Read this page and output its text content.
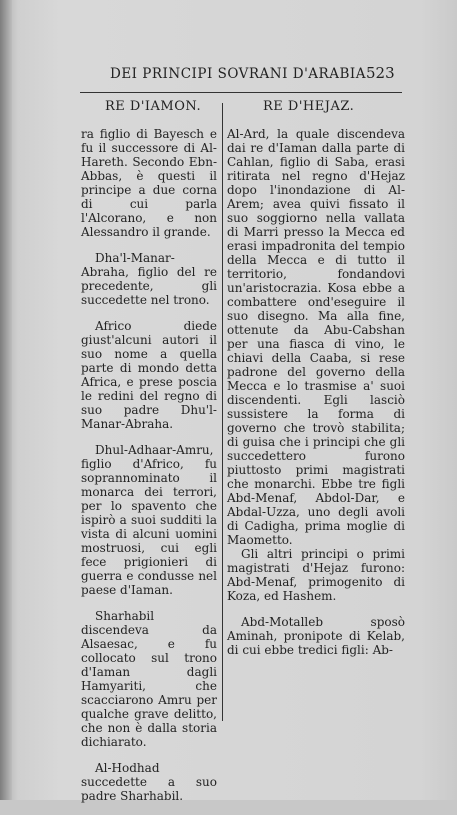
DEI PRINCIPI SOVRANI D'ARABIA 523
RE D'IAMON.	RE D'HEJAZ.

ra figlio di Bayesch e fu il successore di Al-Hareth. Secondo Ebn-Abbas, è questi il principe a due corna di cui parla l'Alcorano, e non Alessandro il grande.

Dha'l-Manar-Abraha, figlio del re precedente, gli succedette nel trono.

Africo diede giust'alcuni autori il suo nome a quella parte di mondo detta Africa, e prese poscia le redini del regno di suo padre Dhu'l-Manar-Abraha.

Dhul-Adhaar-Amru, figlio d'Africo, fu soprannominato il monarca dei terrori, per lo spavento che ispirò a suoi sudditi la vista di alcuni uomini mostruosi, cui egli fece prigionieri di guerra e condusse nel paese d'Iaman.

Sharhabil discendeva da Alsaesac, e fu collocato sul trono d'Iaman dagli Hamyariti, che scacciarono Amru per qualche grave delitto, che non è dalla storia dichiarato.

Al-Hodhad succedette a suo padre Sharhabil.

Al-Ard, la quale discendeva dai re d'Iaman dalla parte di Cahlan, figlio di Saba, erasi ritirata nel regno d'Hejaz dopo l'inondazione di Al-Arem; avea quivi fissato il suo soggiorno nella vallata di Marri presso la Mecca ed erasi impadronita del tempio della Mecca e di tutto il territorio, fondandovi un'aristocrazia. Kosa ebbe a combattere ond'eseguire il suo disegno. Ma alla fine, ottenute da Abu-Cabshan per una fiasca di vino, le chiavi della Caaba, si rese padrone del governo della Mecca e lo trasmise a' suoi discendenti. Egli lasciò sussistere la forma di governo che trovò stabilita; di guisa che i principi che gli succedettero furono piuttosto primi magistrati che monarchi. Ebbe tre figli Abd-Menaf, Abdol-Dar, e Abdal-Uzza, uno degli avoli di Cadigha, prima moglie di Maometto.

Gli altri principi o primi magistrati d'Hejaz furono: Abd-Menaf, primogenito di Koza, ed Hashem.

Abd-Motalleb sposò Aminah, pronipote di Kelab, di cui ebbe tredici figli: Ab-
